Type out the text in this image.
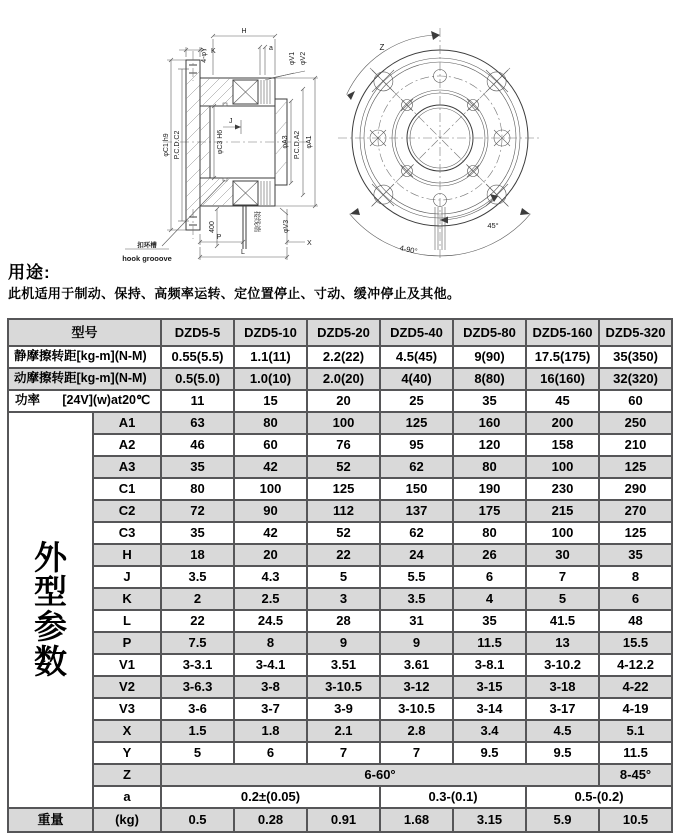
接线端
H
K	a
4-φY	φV1 φV2
φC1 h9 P.C.D.C2	φC3 H6
J
φA3 P.C.D.A2 φA1
φV3
400
P
X
L
扣环槽
hook grooove
Z
45°
4-90°
用途:
此机适用于制动、保持、高频率运转、定位置停止、寸动、缓冲停止及其他。
型号		DZD5-5	DZD5-10	DZD5-20	DZD5-40	DZD5-80	DZD5-160	DZD5-320
静摩擦转距[kg-m](N-M)		0.55(5.5)	1.1(11)	2.2(22)	4.5(45)	9(90)	17.5(175)	35(350)
动摩擦转距[kg-m](N-M)		0.5(5.0)	1.0(10)	2.0(20)	4(40)	8(80)	16(160)	32(320)

功率 [24V](w)at20℃		11	15	20	25	35	45	60

外
型
参
数	A1	63	80	100	125	160	200	250
	A2	46	60	76	95	120	158	210
	A3	35	42	52	62	80	100	125
	C1	80	100	125	150	190	230	290
	C2	72	90	112	137	175	215	270
	C3	35	42	52	62	80	100	125
	H	18	20	22	24	26	30	35
	J	3.5	4.3	5	5.5	6	7	8
	K	2	2.5	3	3.5	4	5	6
	L	22	24.5	28	31	35	41.5	48
	P	7.5	8	9	9	11.5	13	15.5
	V1	3-3.1	3-4.1	3.51	3.61	3-8.1	3-10.2	4-12.2
	V2	3-6.3	3-8	3-10.5	3-12	3-15	3-18	4-22
	V3	3-6	3-7	3-9	3-10.5	3-14	3-17	4-19
	X	1.5	1.8	2.1	2.8	3.4	4.5	5.1
	Y	5	6	7	7	9.5	9.5	11.5
	Z	6-60°						8-45°
	a	0.2±(0.05)			0.3-(0.1)		0.5-(0.2)	
重量	(kg)	0.5	0.28	0.91	1.68	3.15	5.9	10.5
